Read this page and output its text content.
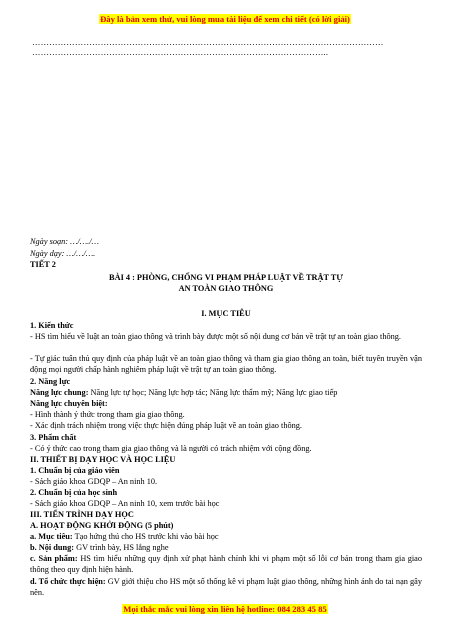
Đây là bản xem thử, vui lòng mua tài liệu để xem chi tiết (có lời giải)
……………………………………………………………………………………………………………
…………………………………………………………………………………………..
Ngày soạn: …/…./…
Ngày dạy: …/…/….
TIẾT 2
BÀI 4 : PHÒNG, CHỐNG VI PHẠM PHÁP LUẬT VỀ TRẬT TỰ
AN TOÀN GIAO THÔNG
I. MỤC TIÊU
1. Kiến thức
- HS tìm hiểu về luật an toàn giao thông và trình bày được một số nội dung cơ bản về trật tự an toàn giao thông.
- Tự giác tuân thủ quy định của pháp luật về an toàn giao thông và tham gia giao thông an toàn, biết tuyên truyền vận động mọi người chấp hành nghiêm pháp luật về trật tự an toàn giao thông.
2. Năng lực
Năng lực chung: Năng lực tự học; Năng lực hợp tác; Năng lực thẩm mỹ; Năng lực giao tiếp
Năng lực chuyên biệt:
- Hình thành ý thức trong tham gia giao thông.
- Xác định trách nhiệm trong việc thực hiện đúng pháp luật về an toàn giao thông.
3. Phẩm chất
- Có ý thức cao trong tham gia giao thông và là người có trách nhiệm với cộng đồng.
II. THIẾT BỊ DẠY HỌC VÀ HỌC LIỆU
1. Chuẩn bị của giáo viên
- Sách giáo khoa GDQP – An ninh 10.
2. Chuẩn bị của học sinh
- Sách giáo khoa GDQP – An ninh 10, xem trước bài học
III. TIẾN TRÌNH DẠY HỌC
A. HOẠT ĐỘNG KHỞI ĐỘNG (5 phút)
a. Mục tiêu: Tạo hứng thú cho HS trước khi vào bài học
b. Nội dung: GV trình bày, HS lắng nghe
c. Sản phẩm: HS tìm hiểu những quy định xử phạt hành chính khi vi phạm một số lỗi cơ bản trong tham gia giao thông theo quy định hiện hành.
d. Tổ chức thực hiện: GV giới thiệu cho HS một số thống kê vi phạm luật giao thông, những hình ảnh do tai nạn gây nên.
Mọi thắc mắc vui lòng xin liên hệ hotline: 084 283 45 85
